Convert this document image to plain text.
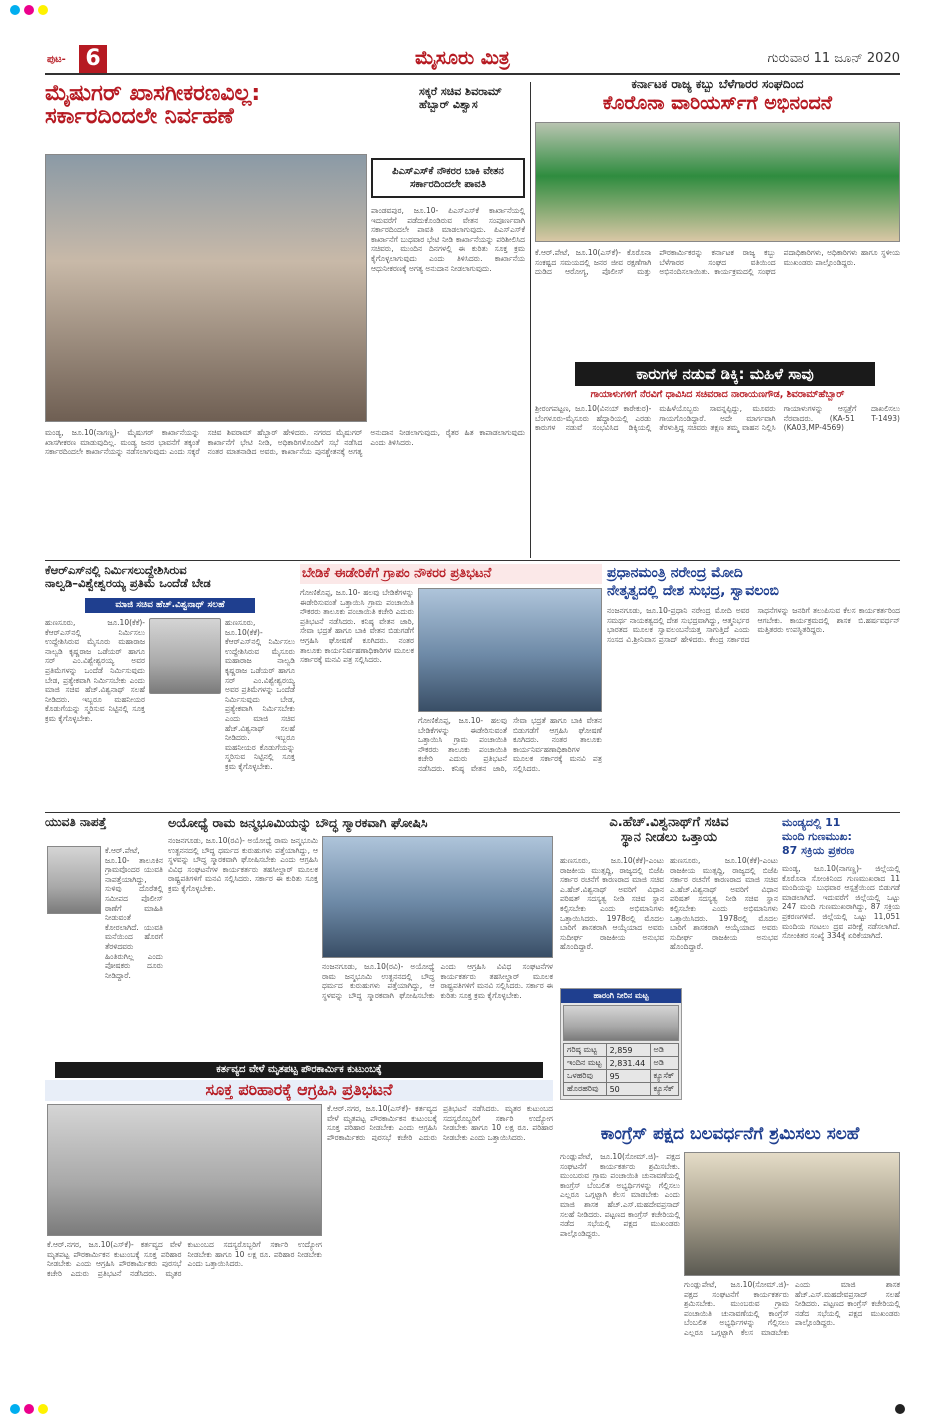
ಪುಟ- 6	ಮೈಸೂರು ಮಿತ್ರ	ಗುರುವಾರ 11 ಜೂನ್ 2020
ಮೈಷುಗರ್ ಖಾಸಗೀಕರಣವಿಲ್ಲ:
ಸರ್ಕಾರದಿಂದಲೇ ನಿರ್ವಹಣೆ
ಸಕ್ಕರೆ ಸಚಿವ ಶಿವರಾಮ್ ಹೆಬ್ಬಾರ್ ವಿಶ್ವಾಸ
ಪಿಎಸ್ಎಸ್‌ಕೆ ನೌಕರರ ಬಾಕಿ ವೇತನ ಸರ್ಕಾರದಿಂದಲೇ ಪಾವತಿ
ಪಾಂಡವಪುರ, ಜೂ.10- ಪಿಎಸ್ಎಸ್‌ಕೆ ಕಾರ್ಖಾನೆಯಲ್ಲಿ ಇದುವರೆಗೆ ಪಡೆದುಕೊಂಡಿರುವ ವೇತನ ಸಂಪೂರ್ಣವಾಗಿ ಸರ್ಕಾರದಿಂದಲೇ ಪಾವತಿ ಮಾಡಲಾಗುವುದು. ಪಿಎಸ್ಎಸ್‌ಕೆ ಕಾರ್ಖಾನೆಗೆ ಬುಧವಾರ ಭೇಟಿ ನೀಡಿ ಕಾರ್ಖಾನೆಯನ್ನು ಪರಿಶೀಲಿಸಿದ ಸಚಿವರು, ಮುಂದಿನ ದಿನಗಳಲ್ಲಿ ಈ ಕುರಿತು ಸೂಕ್ತ ಕ್ರಮ ಕೈಗೊಳ್ಳಲಾಗುವುದು ಎಂದು ತಿಳಿಸಿದರು. ಕಾರ್ಖಾನೆಯ ಆಧುನೀಕರಣಕ್ಕೆ ಅಗತ್ಯ ಅನುದಾನ ನೀಡಲಾಗುವುದು.
ಮಂಡ್ಯ, ಜೂ.10(ನಾಗಣ್ಣ)- ಮೈಷುಗರ್ ಕಾರ್ಖಾನೆಯನ್ನು ಖಾಸಗೀಕರಣ ಮಾಡುವುದಿಲ್ಲ. ಮಂಡ್ಯ ಜನರ ಭಾವನೆಗೆ ತಕ್ಕಂತೆ ಸರ್ಕಾರದಿಂದಲೇ ಕಾರ್ಖಾನೆಯನ್ನು ನಡೆಸಲಾಗುವುದು ಎಂದು ಸಕ್ಕರೆ ಸಚಿವ ಶಿವರಾಮ್ ಹೆಬ್ಬಾರ್ ಹೇಳಿದರು. ನಗರದ ಮೈಷುಗರ್ ಕಾರ್ಖಾನೆಗೆ ಭೇಟಿ ನೀಡಿ, ಅಧಿಕಾರಿಗಳೊಂದಿಗೆ ಸಭೆ ನಡೆಸಿದ ನಂತರ ಮಾತನಾಡಿದ ಅವರು, ಕಾರ್ಖಾನೆಯ ಪುನಶ್ಚೇತನಕ್ಕೆ ಅಗತ್ಯ ಅನುದಾನ ನೀಡಲಾಗುವುದು, ರೈತರ ಹಿತ ಕಾಪಾಡಲಾಗುವುದು ಎಂದು ತಿಳಿಸಿದರು.
ಕರ್ನಾಟಕ ರಾಜ್ಯ ಕಬ್ಬು ಬೆಳೆಗಾರರ ಸಂಘದಿಂದ
ಕೊರೊನಾ ವಾರಿಯರ್ಸ್‌ಗೆ ಅಭಿನಂದನೆ
ಕೆ.ಆರ್.ಪೇಟೆ, ಜೂ.10(ಎಸ್‌ಕೆ)- ಕೊರೊನಾ ಸಂಕಷ್ಟದ ಸಮಯದಲ್ಲಿ ಜನರ ಜೀವ ರಕ್ಷಣೆಗಾಗಿ ದುಡಿದ ಆರೋಗ್ಯ, ಪೊಲೀಸ್ ಮತ್ತು ಪೌರಕಾರ್ಮಿಕರನ್ನು ಕರ್ನಾಟಕ ರಾಜ್ಯ ಕಬ್ಬು ಬೆಳೆಗಾರರ ಸಂಘದ ವತಿಯಿಂದ ಅಭಿನಂದಿಸಲಾಯಿತು. ಕಾರ್ಯಕ್ರಮದಲ್ಲಿ ಸಂಘದ ಪದಾಧಿಕಾರಿಗಳು, ಅಧಿಕಾರಿಗಳು ಹಾಗೂ ಸ್ಥಳೀಯ ಮುಖಂಡರು ಪಾಲ್ಗೊಂಡಿದ್ದರು.
ಕಾರುಗಳ ನಡುವೆ ಡಿಕ್ಕಿ: ಮಹಿಳೆ ಸಾವು
ಗಾಯಾಳುಗಳಿಗೆ ನೆರವಿಗೆ ಧಾವಿಸಿದ ಸಚಿವರಾದ ನಾರಾಯಣಗೌಡ, ಶಿವರಾಮ್‌ಹೆಬ್ಬಾರ್
ಶ್ರೀರಂಗಪಟ್ಟಣ, ಜೂ.10(ವಿನಯ್ ಕಾರೇಕುರ)- ಬೆಂಗಳೂರು-ಮೈಸೂರು ಹೆದ್ದಾರಿಯಲ್ಲಿ ಎರಡು ಕಾರುಗಳ ನಡುವೆ ಸಂಭವಿಸಿದ ಡಿಕ್ಕಿಯಲ್ಲಿ ಮಹಿಳೆಯೊಬ್ಬರು ಸಾವನ್ನಪ್ಪಿದ್ದು, ಮೂವರು ಗಾಯಗೊಂಡಿದ್ದಾರೆ. ಅದೇ ಮಾರ್ಗವಾಗಿ ತೆರಳುತ್ತಿದ್ದ ಸಚಿವರು ತಕ್ಷಣ ತಮ್ಮ ವಾಹನ ನಿಲ್ಲಿಸಿ ಗಾಯಾಳುಗಳನ್ನು ಆಸ್ಪತ್ರೆಗೆ ದಾಖಲಿಸಲು ನೆರವಾದರು. (KA-51 T-1493) (KA03,MP-4569)
ಕೆಆರ್‌ಎಸ್‌ನಲ್ಲಿ ನಿರ್ಮಿಸಲುದ್ದೇಶಿಸಿರುವ
ನಾಲ್ವಡಿ–ವಿಶ್ವೇಶ್ವರಯ್ಯ ಪ್ರತಿಮೆ ಒಂದೆಡೆ ಬೇಡ
ಮಾಜಿ ಸಚಿವ ಹೆಚ್.ವಿಶ್ವನಾಥ್ ಸಲಹೆ
ಹುಣಸೂರು, ಜೂ.10(ಕೆಕೆ)- ಕೆಆರ್‌ಎಸ್‌ನಲ್ಲಿ ನಿರ್ಮಿಸಲು ಉದ್ದೇಶಿಸಿರುವ ಮೈಸೂರು ಮಹಾರಾಜ ನಾಲ್ವಡಿ ಕೃಷ್ಣರಾಜ ಒಡೆಯರ್ ಹಾಗೂ ಸರ್ ಎಂ.ವಿಶ್ವೇಶ್ವರಯ್ಯ ಅವರ ಪ್ರತಿಮೆಗಳನ್ನು ಒಂದೆಡೆ ನಿರ್ಮಿಸುವುದು ಬೇಡ, ಪ್ರತ್ಯೇಕವಾಗಿ ನಿರ್ಮಿಸಬೇಕು ಎಂದು ಮಾಜಿ ಸಚಿವ ಹೆಚ್.ವಿಶ್ವನಾಥ್ ಸಲಹೆ ನೀಡಿದರು. ಇಬ್ಬರೂ ಮಹನೀಯರ ಕೊಡುಗೆಯನ್ನು ಸ್ಮರಿಸುವ ನಿಟ್ಟಿನಲ್ಲಿ ಸೂಕ್ತ ಕ್ರಮ ಕೈಗೊಳ್ಳಬೇಕು.
ಹುಣಸೂರು, ಜೂ.10(ಕೆಕೆ)- ಕೆಆರ್‌ಎಸ್‌ನಲ್ಲಿ ನಿರ್ಮಿಸಲು ಉದ್ದೇಶಿಸಿರುವ ಮೈಸೂರು ಮಹಾರಾಜ ನಾಲ್ವಡಿ ಕೃಷ್ಣರಾಜ ಒಡೆಯರ್ ಹಾಗೂ ಸರ್ ಎಂ.ವಿಶ್ವೇಶ್ವರಯ್ಯ ಅವರ ಪ್ರತಿಮೆಗಳನ್ನು ಒಂದೆಡೆ ನಿರ್ಮಿಸುವುದು ಬೇಡ, ಪ್ರತ್ಯೇಕವಾಗಿ ನಿರ್ಮಿಸಬೇಕು ಎಂದು ಮಾಜಿ ಸಚಿವ ಹೆಚ್.ವಿಶ್ವನಾಥ್ ಸಲಹೆ ನೀಡಿದರು. ಇಬ್ಬರೂ ಮಹನೀಯರ ಕೊಡುಗೆಯನ್ನು ಸ್ಮರಿಸುವ ನಿಟ್ಟಿನಲ್ಲಿ ಸೂಕ್ತ ಕ್ರಮ ಕೈಗೊಳ್ಳಬೇಕು.
ಬೇಡಿಕೆ ಈಡೇರಿಕೆಗೆ ಗ್ರಾಪಂ ನೌಕರರ ಪ್ರತಿಭಟನೆ
ಗೋಣಿಕೊಪ್ಪ, ಜೂ.10- ಹಲವು ಬೇಡಿಕೆಗಳನ್ನು ಈಡೇರಿಸುವಂತೆ ಒತ್ತಾಯಿಸಿ ಗ್ರಾಮ ಪಂಚಾಯಿತಿ ನೌಕರರು ತಾಲೂಕು ಪಂಚಾಯಿತಿ ಕಚೇರಿ ಎದುರು ಪ್ರತಿಭಟನೆ ನಡೆಸಿದರು. ಕನಿಷ್ಠ ವೇತನ ಜಾರಿ, ಸೇವಾ ಭದ್ರತೆ ಹಾಗೂ ಬಾಕಿ ವೇತನ ಬಿಡುಗಡೆಗೆ ಆಗ್ರಹಿಸಿ ಘೋಷಣೆ ಕೂಗಿದರು. ನಂತರ ತಾಲೂಕು ಕಾರ್ಯನಿರ್ವಹಣಾಧಿಕಾರಿಗಳ ಮೂಲಕ ಸರ್ಕಾರಕ್ಕೆ ಮನವಿ ಪತ್ರ ಸಲ್ಲಿಸಿದರು.
ಗೋಣಿಕೊಪ್ಪ, ಜೂ.10- ಹಲವು ಬೇಡಿಕೆಗಳನ್ನು ಈಡೇರಿಸುವಂತೆ ಒತ್ತಾಯಿಸಿ ಗ್ರಾಮ ಪಂಚಾಯಿತಿ ನೌಕರರು ತಾಲೂಕು ಪಂಚಾಯಿತಿ ಕಚೇರಿ ಎದುರು ಪ್ರತಿಭಟನೆ ನಡೆಸಿದರು. ಕನಿಷ್ಠ ವೇತನ ಜಾರಿ, ಸೇವಾ ಭದ್ರತೆ ಹಾಗೂ ಬಾಕಿ ವೇತನ ಬಿಡುಗಡೆಗೆ ಆಗ್ರಹಿಸಿ ಘೋಷಣೆ ಕೂಗಿದರು. ನಂತರ ತಾಲೂಕು ಕಾರ್ಯನಿರ್ವಹಣಾಧಿಕಾರಿಗಳ ಮೂಲಕ ಸರ್ಕಾರಕ್ಕೆ ಮನವಿ ಪತ್ರ ಸಲ್ಲಿಸಿದರು.
ಪ್ರಧಾನಮಂತ್ರಿ ನರೇಂದ್ರ ಮೋದಿ
ನೇತೃತ್ವದಲ್ಲಿ ದೇಶ ಸುಭದ್ರ, ಸ್ವಾವಲಂಬಿ
ನಂಜನಗೂಡು, ಜೂ.10-ಪ್ರಧಾನಿ ನರೇಂದ್ರ ಮೋದಿ ಅವರ ಸಮರ್ಥ ನಾಯಕತ್ವದಲ್ಲಿ ದೇಶ ಸುಭದ್ರವಾಗಿದ್ದು, ಆತ್ಮನಿರ್ಭರ ಭಾರತದ ಮೂಲಕ ಸ್ವಾವಲಂಬನೆಯತ್ತ ಸಾಗುತ್ತಿದೆ ಎಂದು ಸಂಸದ ವಿ.ಶ್ರೀನಿವಾಸ ಪ್ರಸಾದ್ ಹೇಳಿದರು. ಕೇಂದ್ರ ಸರ್ಕಾರದ ಸಾಧನೆಗಳನ್ನು ಜನರಿಗೆ ತಲುಪಿಸುವ ಕೆಲಸ ಕಾರ್ಯಕರ್ತರಿಂದ ಆಗಬೇಕು. ಕಾರ್ಯಕ್ರಮದಲ್ಲಿ ಶಾಸಕ ಬಿ.ಹರ್ಷವರ್ಧನ್ ಮತ್ತಿತರರು ಉಪಸ್ಥಿತರಿದ್ದರು.
ಯುವತಿ ನಾಪತ್ತೆ
ಕೆ.ಆರ್.ಪೇಟೆ, ಜೂ.10- ತಾಲೂಕಿನ ಗ್ರಾಮವೊಂದರ ಯುವತಿ ನಾಪತ್ತೆಯಾಗಿದ್ದು, ಸುಳಿವು ದೊರೆತಲ್ಲಿ ಸಮೀಪದ ಪೊಲೀಸ್ ಠಾಣೆಗೆ ಮಾಹಿತಿ ನೀಡುವಂತೆ ಕೋರಲಾಗಿದೆ. ಯುವತಿ ಮನೆಯಿಂದ ಹೊರಗೆ ತೆರಳಿದವರು ಹಿಂತಿರುಗಿಲ್ಲ ಎಂದು ಪೋಷಕರು ದೂರು ನೀಡಿದ್ದಾರೆ.
ಅಯೋಧ್ಯೆ ರಾಮ ಜನ್ಮಭೂಮಿಯನ್ನು ಬೌದ್ಧ ಸ್ಮಾರಕವಾಗಿ ಘೋಷಿಸಿ
ನಂಜನಗೂಡು, ಜೂ.10(ರವಿ)- ಅಯೋಧ್ಯೆ ರಾಮ ಜನ್ಮಭೂಮಿ ಉತ್ಖನನದಲ್ಲಿ ಬೌದ್ಧ ಧರ್ಮದ ಕುರುಹುಗಳು ಪತ್ತೆಯಾಗಿದ್ದು, ಆ ಸ್ಥಳವನ್ನು ಬೌದ್ಧ ಸ್ಮಾರಕವಾಗಿ ಘೋಷಿಸಬೇಕು ಎಂದು ಆಗ್ರಹಿಸಿ ವಿವಿಧ ಸಂಘಟನೆಗಳ ಕಾರ್ಯಕರ್ತರು ತಹಸೀಲ್ದಾರ್ ಮೂಲಕ ರಾಷ್ಟ್ರಪತಿಗಳಿಗೆ ಮನವಿ ಸಲ್ಲಿಸಿದರು. ಸರ್ಕಾರ ಈ ಕುರಿತು ಸೂಕ್ತ ಕ್ರಮ ಕೈಗೊಳ್ಳಬೇಕು.
ನಂಜನಗೂಡು, ಜೂ.10(ರವಿ)- ಅಯೋಧ್ಯೆ ರಾಮ ಜನ್ಮಭೂಮಿ ಉತ್ಖನನದಲ್ಲಿ ಬೌದ್ಧ ಧರ್ಮದ ಕುರುಹುಗಳು ಪತ್ತೆಯಾಗಿದ್ದು, ಆ ಸ್ಥಳವನ್ನು ಬೌದ್ಧ ಸ್ಮಾರಕವಾಗಿ ಘೋಷಿಸಬೇಕು ಎಂದು ಆಗ್ರಹಿಸಿ ವಿವಿಧ ಸಂಘಟನೆಗಳ ಕಾರ್ಯಕರ್ತರು ತಹಸೀಲ್ದಾರ್ ಮೂಲಕ ರಾಷ್ಟ್ರಪತಿಗಳಿಗೆ ಮನವಿ ಸಲ್ಲಿಸಿದರು. ಸರ್ಕಾರ ಈ ಕುರಿತು ಸೂಕ್ತ ಕ್ರಮ ಕೈಗೊಳ್ಳಬೇಕು.
ಎ.ಹೆಚ್.ವಿಶ್ವನಾಥ್‌ಗೆ ಸಚಿವ
ಸ್ಥಾನ ನೀಡಲು ಒತ್ತಾಯ
ಹುಣಸೂರು, ಜೂ.10(ಕೆಕೆ)-ಎಂಟು ರಾಜಕೀಯ ಮುತ್ಸದ್ದಿ, ರಾಜ್ಯದಲ್ಲಿ ಬಿಜೆಪಿ ಸರ್ಕಾರ ರಚನೆಗೆ ಕಾರಣರಾದ ಮಾಜಿ ಸಚಿವ ಎ.ಹೆಚ್.ವಿಶ್ವನಾಥ್ ಅವರಿಗೆ ವಿಧಾನ ಪರಿಷತ್ ಸದಸ್ಯತ್ವ ನೀಡಿ ಸಚಿವ ಸ್ಥಾನ ಕಲ್ಪಿಸಬೇಕು ಎಂದು ಅಭಿಮಾನಿಗಳು ಒತ್ತಾಯಿಸಿದರು. 1978ರಲ್ಲಿ ಮೊದಲ ಬಾರಿಗೆ ಶಾಸಕರಾಗಿ ಆಯ್ಕೆಯಾದ ಅವರು ಸುದೀರ್ಘ ರಾಜಕೀಯ ಅನುಭವ ಹೊಂದಿದ್ದಾರೆ.
ಹುಣಸೂರು, ಜೂ.10(ಕೆಕೆ)-ಎಂಟು ರಾಜಕೀಯ ಮುತ್ಸದ್ದಿ, ರಾಜ್ಯದಲ್ಲಿ ಬಿಜೆಪಿ ಸರ್ಕಾರ ರಚನೆಗೆ ಕಾರಣರಾದ ಮಾಜಿ ಸಚಿವ ಎ.ಹೆಚ್.ವಿಶ್ವನಾಥ್ ಅವರಿಗೆ ವಿಧಾನ ಪರಿಷತ್ ಸದಸ್ಯತ್ವ ನೀಡಿ ಸಚಿವ ಸ್ಥಾನ ಕಲ್ಪಿಸಬೇಕು ಎಂದು ಅಭಿಮಾನಿಗಳು ಒತ್ತಾಯಿಸಿದರು. 1978ರಲ್ಲಿ ಮೊದಲ ಬಾರಿಗೆ ಶಾಸಕರಾಗಿ ಆಯ್ಕೆಯಾದ ಅವರು ಸುದೀರ್ಘ ರಾಜಕೀಯ ಅನುಭವ ಹೊಂದಿದ್ದಾರೆ.
ಹಾರಂಗಿ ನೀರಿನ ಮಟ್ಟ
ಗರಿಷ್ಠ ಮಟ್ಟ	2,859	ಅಡಿ
ಇಂದಿನ ಮಟ್ಟ	2,831.44	ಅಡಿ
ಒಳಹರಿವು	95	ಕ್ಯೂಸೆಕ್
ಹೊರಹರಿವು	50	ಕ್ಯೂಸೆಕ್
ಮಂಡ್ಯದಲ್ಲಿ 11
ಮಂದಿ ಗುಣಮುಖ:
87 ಸಕ್ರಿಯ ಪ್ರಕರಣ
ಮಂಡ್ಯ, ಜೂ.10(ನಾಗಣ್ಣ)- ಜಿಲ್ಲೆಯಲ್ಲಿ ಕೊರೊನಾ ಸೋಂಕಿನಿಂದ ಗುಣಮುಖರಾದ 11 ಮಂದಿಯನ್ನು ಬುಧವಾರ ಆಸ್ಪತ್ರೆಯಿಂದ ಬಿಡುಗಡೆ ಮಾಡಲಾಗಿದೆ. ಇದುವರೆಗೆ ಜಿಲ್ಲೆಯಲ್ಲಿ ಒಟ್ಟು 247 ಮಂದಿ ಗುಣಮುಖರಾಗಿದ್ದು, 87 ಸಕ್ರಿಯ ಪ್ರಕರಣಗಳಿವೆ. ಜಿಲ್ಲೆಯಲ್ಲಿ ಒಟ್ಟು 11,051 ಮಂದಿಯ ಗಂಟಲು ದ್ರವ ಪರೀಕ್ಷೆ ನಡೆಸಲಾಗಿದೆ. ಸೋಂಕಿತರ ಸಂಖ್ಯೆ 334ಕ್ಕೆ ಏರಿಕೆಯಾಗಿದೆ.
ಕರ್ತವ್ಯದ ವೇಳೆ ಮೃತಪಟ್ಟ ಪೌರಕಾರ್ಮಿಕ ಕುಟುಂಬಕ್ಕೆ
ಸೂಕ್ತ ಪರಿಹಾರಕ್ಕೆ ಆಗ್ರಹಿಸಿ ಪ್ರತಿಭಟನೆ
ಕೆ.ಆರ್.ನಗರ, ಜೂ.10(ಎಸ್‌ಕೆ)- ಕರ್ತವ್ಯದ ವೇಳೆ ಮೃತಪಟ್ಟ ಪೌರಕಾರ್ಮಿಕನ ಕುಟುಂಬಕ್ಕೆ ಸೂಕ್ತ ಪರಿಹಾರ ನೀಡಬೇಕು ಎಂದು ಆಗ್ರಹಿಸಿ ಪೌರಕಾರ್ಮಿಕರು ಪುರಸಭೆ ಕಚೇರಿ ಎದುರು ಪ್ರತಿಭಟನೆ ನಡೆಸಿದರು. ಮೃತರ ಕುಟುಂಬದ ಸದಸ್ಯರೊಬ್ಬರಿಗೆ ಸರ್ಕಾರಿ ಉದ್ಯೋಗ ನೀಡಬೇಕು ಹಾಗೂ 10 ಲಕ್ಷ ರೂ. ಪರಿಹಾರ ನೀಡಬೇಕು ಎಂದು ಒತ್ತಾಯಿಸಿದರು.
ಕೆ.ಆರ್.ನಗರ, ಜೂ.10(ಎಸ್‌ಕೆ)- ಕರ್ತವ್ಯದ ವೇಳೆ ಮೃತಪಟ್ಟ ಪೌರಕಾರ್ಮಿಕನ ಕುಟುಂಬಕ್ಕೆ ಸೂಕ್ತ ಪರಿಹಾರ ನೀಡಬೇಕು ಎಂದು ಆಗ್ರಹಿಸಿ ಪೌರಕಾರ್ಮಿಕರು ಪುರಸಭೆ ಕಚೇರಿ ಎದುರು ಪ್ರತಿಭಟನೆ ನಡೆಸಿದರು. ಮೃತರ ಕುಟುಂಬದ ಸದಸ್ಯರೊಬ್ಬರಿಗೆ ಸರ್ಕಾರಿ ಉದ್ಯೋಗ ನೀಡಬೇಕು ಹಾಗೂ 10 ಲಕ್ಷ ರೂ. ಪರಿಹಾರ ನೀಡಬೇಕು ಎಂದು ಒತ್ತಾಯಿಸಿದರು.	ಕಾಂಗ್ರೆಸ್ ಪಕ್ಷದ ಬಲವರ್ಧನೆಗೆ ಶ್ರಮಿಸಲು ಸಲಹೆ
ಗುಂಡ್ಲುಪೇಟೆ, ಜೂ.10(ಸೋಮ್.ಜಿ)- ಪಕ್ಷದ ಸಂಘಟನೆಗೆ ಕಾರ್ಯಕರ್ತರು ಶ್ರಮಿಸಬೇಕು. ಮುಂಬರುವ ಗ್ರಾಮ ಪಂಚಾಯಿತಿ ಚುನಾವಣೆಯಲ್ಲಿ ಕಾಂಗ್ರೆಸ್ ಬೆಂಬಲಿತ ಅಭ್ಯರ್ಥಿಗಳನ್ನು ಗೆಲ್ಲಿಸಲು ಎಲ್ಲರೂ ಒಗ್ಗಟ್ಟಾಗಿ ಕೆಲಸ ಮಾಡಬೇಕು ಎಂದು ಮಾಜಿ ಶಾಸಕ ಹೆಚ್.ಎಸ್.ಮಹದೇವಪ್ರಸಾದ್ ಸಲಹೆ ನೀಡಿದರು. ಪಟ್ಟಣದ ಕಾಂಗ್ರೆಸ್ ಕಚೇರಿಯಲ್ಲಿ ನಡೆದ ಸಭೆಯಲ್ಲಿ ಪಕ್ಷದ ಮುಖಂಡರು ಪಾಲ್ಗೊಂಡಿದ್ದರು.
ಗುಂಡ್ಲುಪೇಟೆ, ಜೂ.10(ಸೋಮ್.ಜಿ)- ಪಕ್ಷದ ಸಂಘಟನೆಗೆ ಕಾರ್ಯಕರ್ತರು ಶ್ರಮಿಸಬೇಕು. ಮುಂಬರುವ ಗ್ರಾಮ ಪಂಚಾಯಿತಿ ಚುನಾವಣೆಯಲ್ಲಿ ಕಾಂಗ್ರೆಸ್ ಬೆಂಬಲಿತ ಅಭ್ಯರ್ಥಿಗಳನ್ನು ಗೆಲ್ಲಿಸಲು ಎಲ್ಲರೂ ಒಗ್ಗಟ್ಟಾಗಿ ಕೆಲಸ ಮಾಡಬೇಕು ಎಂದು ಮಾಜಿ ಶಾಸಕ ಹೆಚ್.ಎಸ್.ಮಹದೇವಪ್ರಸಾದ್ ಸಲಹೆ ನೀಡಿದರು. ಪಟ್ಟಣದ ಕಾಂಗ್ರೆಸ್ ಕಚೇರಿಯಲ್ಲಿ ನಡೆದ ಸಭೆಯಲ್ಲಿ ಪಕ್ಷದ ಮುಖಂಡರು ಪಾಲ್ಗೊಂಡಿದ್ದರು.
